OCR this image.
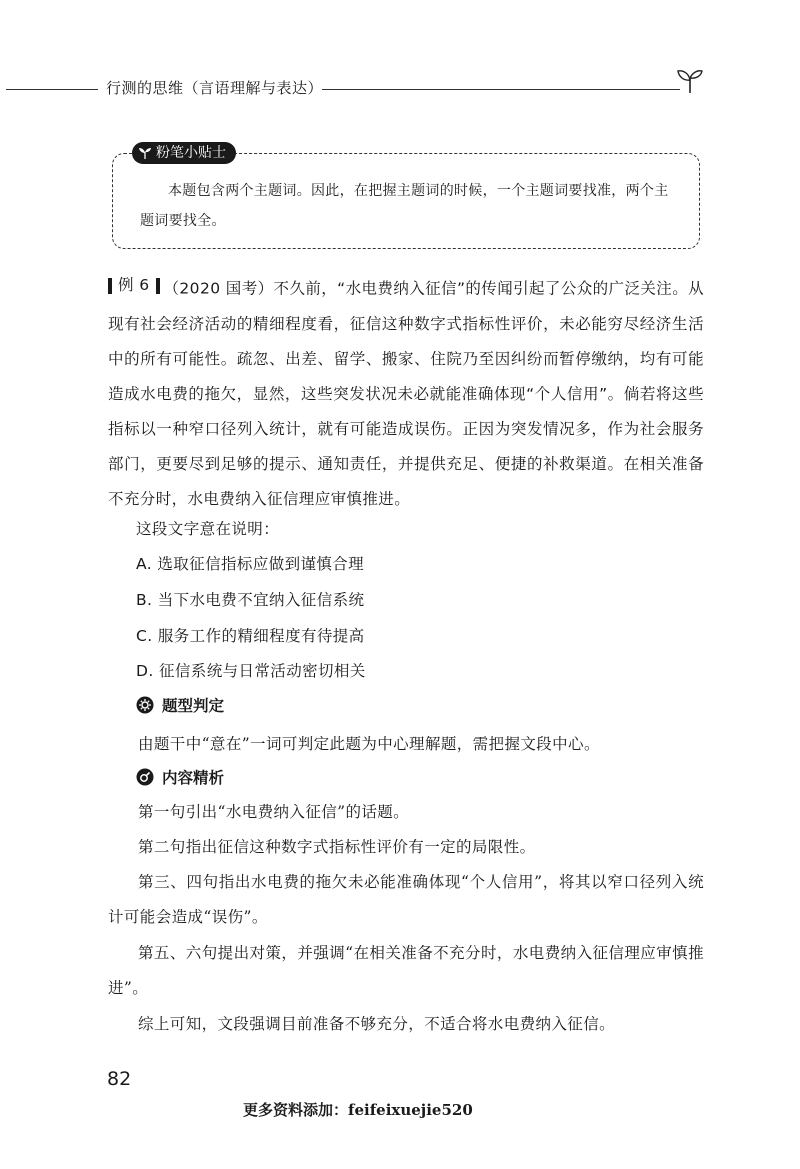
行测的思维（言语理解与表达）
粉笔小贴士
本题包含两个主题词。因此，在把握主题词的时候，一个主题词要找准，两个主题词要找全。
例 6 （2020 国考）不久前，“水电费纳入征信”的传闻引起了公众的广泛关注。从现有社会经济活动的精细程度看，征信这种数字式指标性评价，未必能穷尽经济生活中的所有可能性。疏忽、出差、留学、搬家、住院乃至因纠纷而暂停缴纳，均有可能造成水电费的拖欠，显然，这些突发状况未必就能准确体现“个人信用”。倘若将这些指标以一种窄口径列入统计，就有可能造成误伤。正因为突发情况多，作为社会服务部门，更要尽到足够的提示、通知责任，并提供充足、便捷的补救渠道。在相关准备不充分时，水电费纳入征信理应审慎推进。
这段文字意在说明：
A. 选取征信指标应做到谨慎合理
B. 当下水电费不宜纳入征信系统
C. 服务工作的精细程度有待提高
D. 征信系统与日常活动密切相关
题型判定
由题干中“意在”一词可判定此题为中心理解题，需把握文段中心。
内容精析
第一句引出“水电费纳入征信”的话题。
第二句指出征信这种数字式指标性评价有一定的局限性。
第三、四句指出水电费的拖欠未必能准确体现“个人信用”，将其以窄口径列入统计可能会造成“误伤”。
第五、六句提出对策，并强调“在相关准备不充分时，水电费纳入征信理应审慎推进”。
综上可知，文段强调目前准备不够充分，不适合将水电费纳入征信。
82
更多资料添加：feifeixuejie520
